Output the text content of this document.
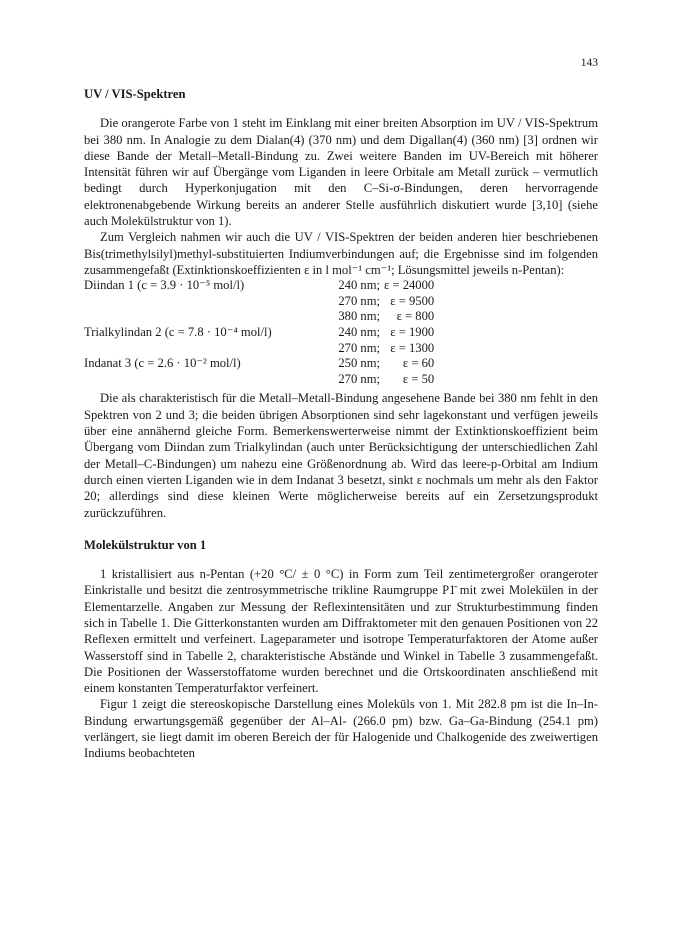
143
UV / VIS-Spektren

Die orangerote Farbe von 1 steht im Einklang mit einer breiten Absorption im UV / VIS-Spektrum bei 380 nm. In Analogie zu dem Dialan(4) (370 nm) und dem Digallan(4) (360 nm) [3] ordnen wir diese Bande der Metall–Metall-Bindung zu. Zwei weitere Banden im UV-Bereich mit höherer Intensität führen wir auf Übergänge vom Liganden in leere Orbitale am Metall zurück – vermutlich bedingt durch Hyperkonjugation mit den C–Si-σ-Bindungen, deren hervorragende elektronenabgebende Wirkung bereits an anderer Stelle ausführlich diskutiert wurde [3,10] (siehe auch Molekülstruktur von 1).

Zum Vergleich nahmen wir auch die UV / VIS-Spektren der beiden anderen hier beschriebenen Bis(trimethylsilyl)methyl-substituierten Indiumverbindungen auf; die Ergebnisse sind im folgenden zusammengefaßt (Extinktionskoeffizienten ε in l mol⁻¹ cm⁻¹; Lösungsmittel jeweils n-Pentan):

Diindan 1 (c = 3.9 · 10⁻⁵ mol/l)	240 nm;	ε = 24000
	270 nm;	ε = 9500
	380 nm;	ε = 800
Trialkylindan 2 (c = 7.8 · 10⁻⁴ mol/l)	240 nm;	ε = 1900
	270 nm;	ε = 1300
Indanat 3 (c = 2.6 · 10⁻² mol/l)	250 nm;	ε = 60
	270 nm;	ε = 50

Die als charakteristisch für die Metall–Metall-Bindung angesehene Bande bei 380 nm fehlt in den Spektren von 2 und 3; die beiden übrigen Absorptionen sind sehr lagekonstant und verfügen jeweils über eine annähernd gleiche Form. Bemerkenswerterweise nimmt der Extinktionskoeffizient beim Übergang vom Diindan zum Trialkylindan (auch unter Berücksichtigung der unterschiedlichen Zahl der Metall–C-Bindungen) um nahezu eine Größenordnung ab. Wird das leere-p-Orbital am Indium durch einen vierten Liganden wie in dem Indanat 3 besetzt, sinkt ε nochmals um mehr als den Faktor 20; allerdings sind diese kleinen Werte möglicherweise bereits auf ein Zersetzungsprodukt zurückzuführen.

Molekülstruktur von 1

1 kristallisiert aus n-Pentan (+20 °C/ ± 0 °C) in Form zum Teil zentimetergroßer orangeroter Einkristalle und besitzt die zentrosymmetrische trikline Raumgruppe P1̄ mit zwei Molekülen in der Elementarzelle. Angaben zur Messung der Reflexintensitäten und zur Strukturbestimmung finden sich in Tabelle 1. Die Gitterkonstanten wurden am Diffraktometer mit den genauen Positionen von 22 Reflexen ermittelt und verfeinert. Lageparameter und isotrope Temperaturfaktoren der Atome außer Wasserstoff sind in Tabelle 2, charakteristische Abstände und Winkel in Tabelle 3 zusammengefaßt. Die Positionen der Wasserstoffatome wurden berechnet und die Ortskoordinaten anschließend mit einem konstanten Temperaturfaktor verfeinert.

Figur 1 zeigt die stereoskopische Darstellung eines Moleküls von 1. Mit 282.8 pm ist die In–In-Bindung erwartungsgemäß gegenüber der Al–Al- (266.0 pm) bzw. Ga–Ga-Bindung (254.1 pm) verlängert, sie liegt damit im oberen Bereich der für Halogenide und Chalkogenide des zweiwertigen Indiums beobachteten
